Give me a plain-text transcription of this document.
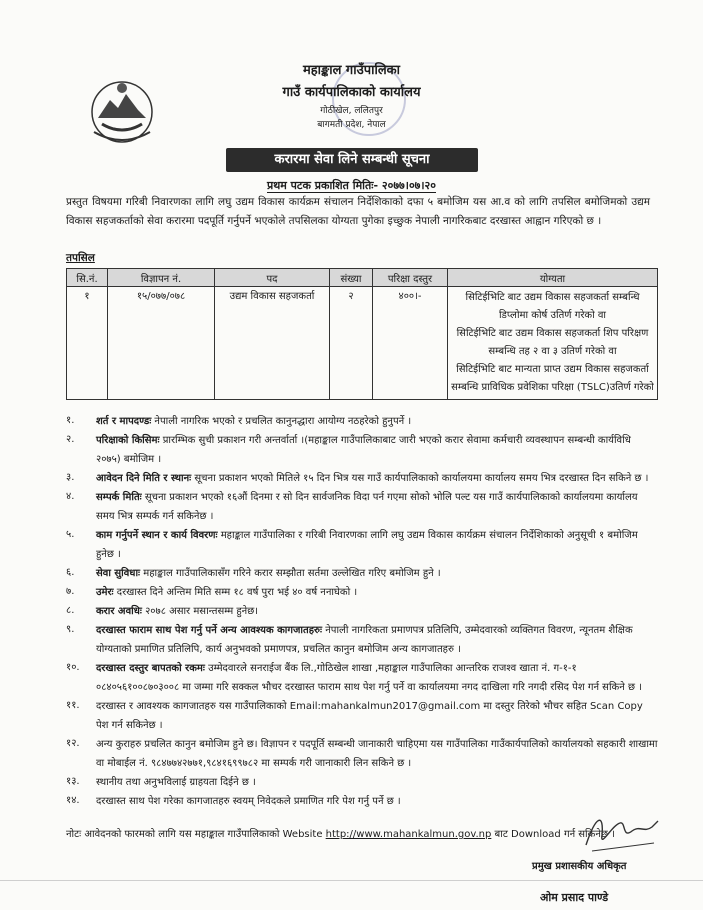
महाङ्काल गाउँपालिका
गाउँ कार्यपालिकाको कार्यालय
गोठीखेल, ललितपुर
बागमती प्रदेश, नेपाल
करारमा सेवा लिने सम्बन्धी सूचना
प्रथम पटक प्रकाशित मितिः- २०७७।०७।२०
प्रस्तुत विषयमा गरिबी निवारणका लागि लघु उद्यम विकास कार्यक्रम संचालन निर्देशिकाको दफा ५ बमोजिम यस आ.व को लागि तपसिल बमोजिमको उद्यम विकास सहजकर्ताको सेवा करारमा पदपूर्ति गर्नुपर्ने भएकोले तपसिलका योग्यता पुगेका इच्छुक नेपाली नागरिकबाट दरखास्त आह्वान गरिएको छ ।
तपसिल
सि.नं.	विज्ञापन नं.	पद	संख्या	परिक्षा दस्तुर	योग्यता
१	१५/०७७/०७८	उद्यम विकास सहजकर्ता	२	४००।-	सिटिईभिटि बाट उद्यम विकास सहजकर्ता सम्बन्धि डिप्लोमा कोर्ष उतिर्ण गरेको वा
सिटिईभिटि बाट उद्यम विकास सहजकर्ता शिप परिक्षण सम्बन्धि तह २ वा ३ उतिर्ण गरेको वा
सिटिईभिटि बाट मान्यता प्राप्त उद्यम विकास सहजकर्ता सम्बन्धि प्राविधिक प्रवेशिका परिक्षा (TSLC)उतिर्ण गरेको
१.	शर्त र मापदण्डः नेपाली नागरिक भएको र प्रचलित कानुनद्धारा आयोग्य नठहरेको हुनुपर्ने ।
२.	परिक्षाको किसिमः प्रारम्भिक सुची प्रकाशन गरी अन्तर्वार्ता ।(महाङ्काल गाउँपालिकाबाट जारी भएको करार सेवामा कर्मचारी व्यवस्थापन सम्बन्धी कार्यविधि २०७५) बमोजिम ।
३.	आवेदन दिने मिति र स्थानः सूचना प्रकाशन भएको मितिले १५ दिन भित्र यस गाउँ कार्यपालिकाको कार्यालयमा कार्यालय समय भित्र दरखास्त दिन सकिने छ ।
४.	सम्पर्क मितिः सूचना प्रकाशन भएको १६औं दिनमा र सो दिन सार्वजनिक विदा पर्न गएमा सोको भोलि पल्ट यस गाउँ कार्यपालिकाको कार्यालयमा कार्यालय समय भित्र सम्पर्क गर्न सकिनेछ ।
५.	काम गर्नुपर्ने स्थान र कार्य विवरणः महाङ्काल गाउँपालिका र गरिबी निवारणका लागि लघु उद्यम विकास कार्यक्रम संचालन निर्देशिकाको अनुसूची १ बमोजिम हुनेछ ।
६.	सेवा सुविधाः महाङ्काल गाउँपालिकासँग गरिने करार सम्झौता सर्तमा उल्लेखित गरिए बमोजिम हुने ।
७.	उमेरः दरखास्त दिने अन्तिम मिति सम्म १८ वर्ष पुरा भई ४० वर्ष ननाघेको ।
८.	करार अवधिः २०७८ असार मसान्तसम्म हुनेछ।
९.	दरखास्त फाराम साथ पेश गर्नु पर्ने अन्य आवश्यक कागजातहरुः नेपाली नागरिकता प्रमाणपत्र प्रतिलिपि, उम्मेदवारको व्यक्तिगत विवरण, न्यूनतम शैक्षिक योग्यताको प्रमाणित प्रतिलिपि, कार्य अनुभवको प्रमाणपत्र, प्रचलित कानुन बमोजिम अन्य कागजातहरु ।
१०.	दरखास्त दस्तुर बापतको रकमः उम्मेदवारले सनराईज बैंक लि.,गोठिखेल शाखा ,महाङ्काल गाउँपालिका आन्तरिक राजश्व खाता नं. ग-१-१ ०८४०५६१००८७०३००८ मा जम्मा गरि सक्कल भौचर दरखास्त फाराम साथ पेश गर्नु पर्ने वा कार्यालयमा नगद दाखिला गरि नगदी रसिद पेश गर्न सकिने छ ।
११.	दरखास्त र आवश्यक कागजातहरु यस गाउँपालिकाको Email:mahankalmun2017@gmail.com मा दस्तुर तिरेको भौचर सहित Scan Copy पेश गर्न सकिनेछ ।
१२.	अन्य कुराहरु प्रचलित कानुन बमोजिम हुने छ। विज्ञापन र पदपूर्ति सम्बन्धी जानाकारी चाहिएमा यस गाउँपालिका गाउँकार्यपालिको कार्यालयको सहकारी शाखामा वा मोबाईल नं. ९८४७७४२७७१,९८४१६९९७८२ मा सम्पर्क गरी जानाकारी लिन सकिने छ ।
१३.	स्थानीय तथा अनुभविलाई ग्राहयता दिईने छ ।
१४.	दरखास्त साथ पेश गरेका कागजातहरु स्वयम् निवेदकले प्रमाणित गरि पेश गर्नु पर्ने छ ।
नोटः आवेदनको फारमको लागि यस महाङ्काल गाउँपालिकाको Website http://www.mahankalmun.gov.np बाट Download गर्न सकिनेछ ।
प्रमुख प्रशासकीय अधिकृत
ओम प्रसाद पाण्डे
